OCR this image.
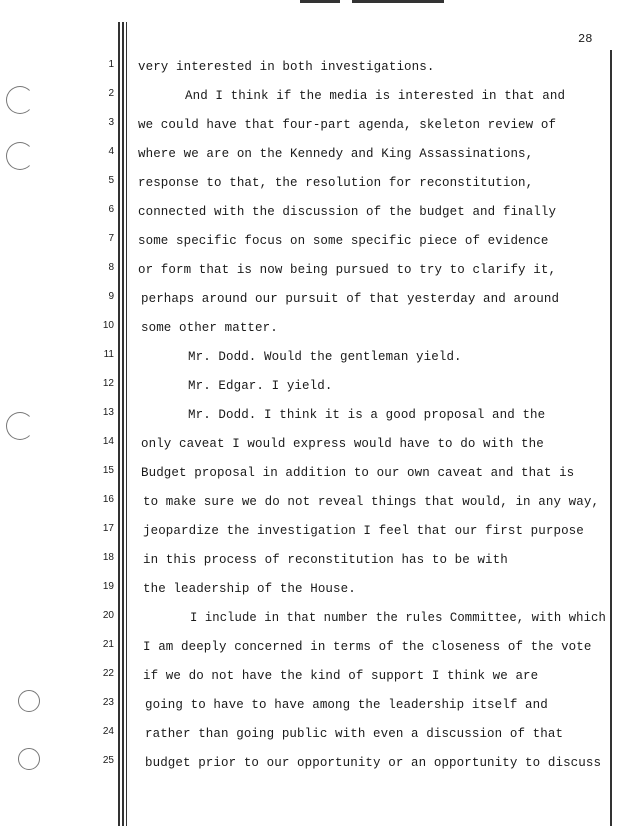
28
1
2
3
4
5
6
7
8
9
10
11
12
13
14
15
16
17
18
19
20
21
22
23
24
25
very interested in both investigations.
And I think if the media is interested in that and
we could have that four-part agenda, skeleton review of
where we are on the Kennedy and King Assassinations,
response to that, the resolution for reconstitution,
connected with the discussion of the budget and finally
some specific focus on some specific piece of evidence
or form that is now being pursued to try to clarify it,
perhaps around our pursuit of that yesterday and around
some other matter.
Mr. Dodd. Would the gentleman yield.
Mr. Edgar. I yield.
Mr. Dodd. I think it is a good proposal and the
only caveat I would express would have to do with the
Budget proposal in addition to our own caveat and that is
to make sure we do not reveal things that would, in any way,
jeopardize the investigation I feel that our first purpose
in this process of reconstitution has to be with
the leadership of the House.
I include in that number the rules Committee, with which
I am deeply concerned in terms of the closeness of the vote
if we do not have the kind of support I think we are
going to have to have among the leadership itself and
rather than going public with even a discussion of that
budget prior to our opportunity or an opportunity to discuss
